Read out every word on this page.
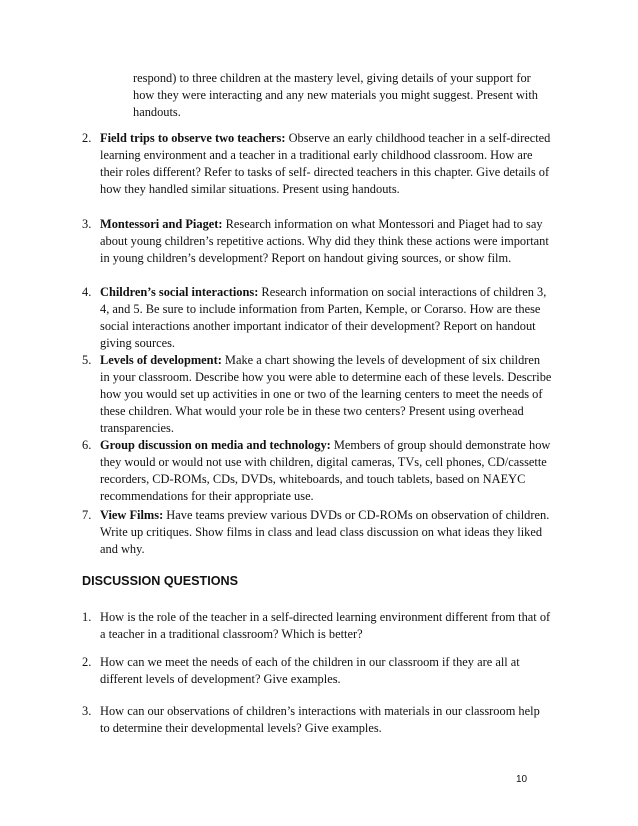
respond) to three children at the mastery level, giving details of your support for how they were interacting and any new materials you might suggest. Present with handouts.
2. Field trips to observe two teachers: Observe an early childhood teacher in a self-directed learning environment and a teacher in a traditional early childhood classroom. How are their roles different? Refer to tasks of self- directed teachers in this chapter. Give details of how they handled similar situations. Present using handouts.
3. Montessori and Piaget: Research information on what Montessori and Piaget had to say about young children’s repetitive actions. Why did they think these actions were important in young children’s development? Report on handout giving sources, or show film.
4. Children’s social interactions: Research information on social interactions of children 3, 4, and 5. Be sure to include information from Parten, Kemple, or Corarso. How are these social interactions another important indicator of their development? Report on handout giving sources.
5. Levels of development: Make a chart showing the levels of development of six children in your classroom. Describe how you were able to determine each of these levels. Describe how you would set up activities in one or two of the learning centers to meet the needs of these children. What would your role be in these two centers? Present using overhead transparencies.
6. Group discussion on media and technology: Members of group should demonstrate how they would or would not use with children, digital cameras, TVs, cell phones, CD/cassette recorders, CD-ROMs, CDs, DVDs, whiteboards, and touch tablets, based on NAEYC recommendations for their appropriate use.
7. View Films: Have teams preview various DVDs or CD-ROMs on observation of children. Write up critiques. Show films in class and lead class discussion on what ideas they liked and why.
DISCUSSION QUESTIONS
1. How is the role of the teacher in a self-directed learning environment different from that of a teacher in a traditional classroom? Which is better?
2. How can we meet the needs of each of the children in our classroom if they are all at different levels of development? Give examples.
3. How can our observations of children’s interactions with materials in our classroom help to determine their developmental levels? Give examples.
10
